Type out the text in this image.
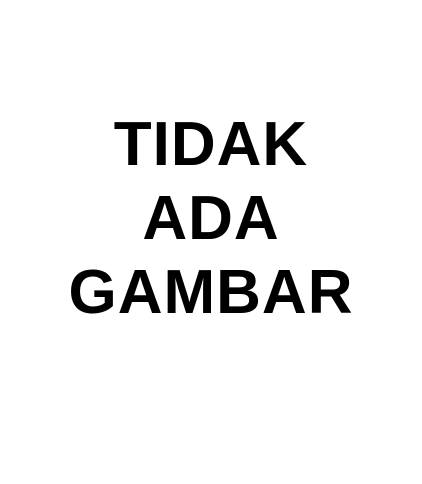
TIDAK
ADA
GAMBAR
